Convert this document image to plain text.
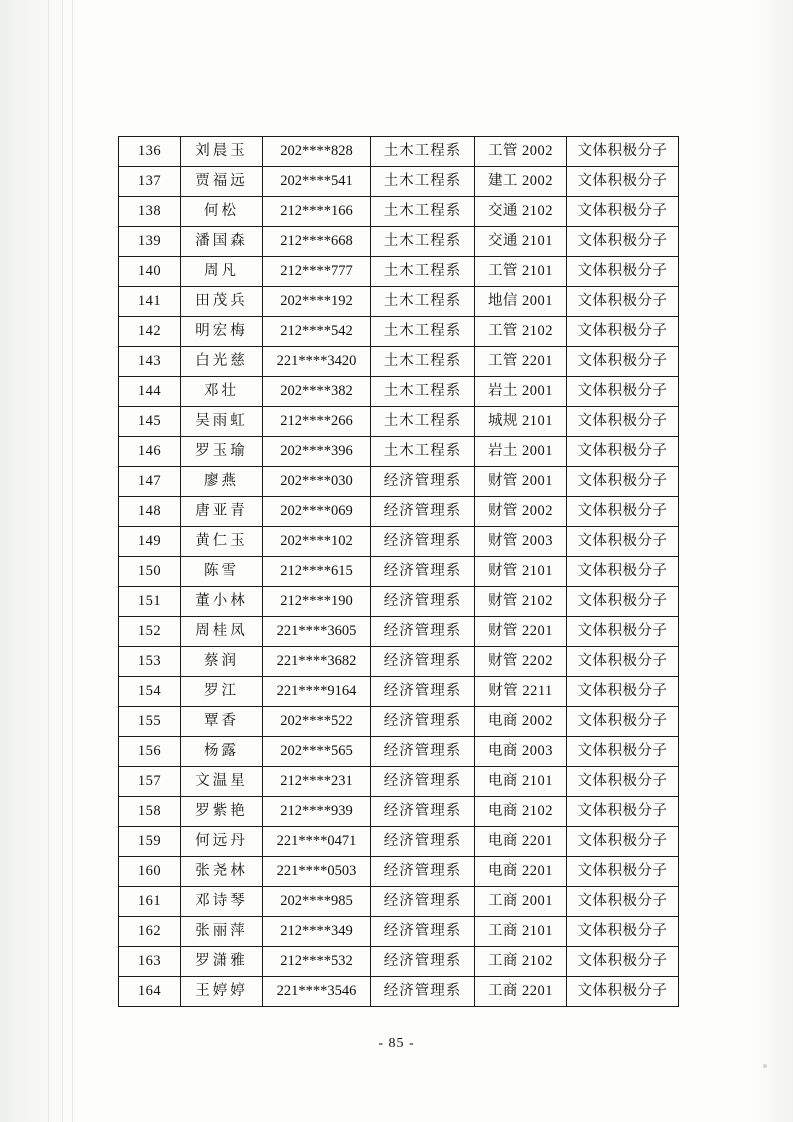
136	刘晨玉	202****828	土木工程系	工管 2002	文体积极分子
137	贾福远	202****541	土木工程系	建工 2002	文体积极分子
138	何松	212****166	土木工程系	交通 2102	文体积极分子
139	潘国森	212****668	土木工程系	交通 2101	文体积极分子
140	周凡	212****777	土木工程系	工管 2101	文体积极分子
141	田茂兵	202****192	土木工程系	地信 2001	文体积极分子
142	明宏梅	212****542	土木工程系	工管 2102	文体积极分子
143	白光慈	221****3420	土木工程系	工管 2201	文体积极分子
144	邓壮	202****382	土木工程系	岩土 2001	文体积极分子
145	吴雨虹	212****266	土木工程系	城规 2101	文体积极分子
146	罗玉瑜	202****396	土木工程系	岩土 2001	文体积极分子
147	廖燕	202****030	经济管理系	财管 2001	文体积极分子
148	唐亚青	202****069	经济管理系	财管 2002	文体积极分子
149	黄仁玉	202****102	经济管理系	财管 2003	文体积极分子
150	陈雪	212****615	经济管理系	财管 2101	文体积极分子
151	董小林	212****190	经济管理系	财管 2102	文体积极分子
152	周桂凤	221****3605	经济管理系	财管 2201	文体积极分子
153	蔡润	221****3682	经济管理系	财管 2202	文体积极分子
154	罗江	221****9164	经济管理系	财管 2211	文体积极分子
155	覃香	202****522	经济管理系	电商 2002	文体积极分子
156	杨露	202****565	经济管理系	电商 2003	文体积极分子
157	文温星	212****231	经济管理系	电商 2101	文体积极分子
158	罗紫艳	212****939	经济管理系	电商 2102	文体积极分子
159	何远丹	221****0471	经济管理系	电商 2201	文体积极分子
160	张尧林	221****0503	经济管理系	电商 2201	文体积极分子
161	邓诗琴	202****985	经济管理系	工商 2001	文体积极分子
162	张丽萍	212****349	经济管理系	工商 2101	文体积极分子
163	罗潇雅	212****532	经济管理系	工商 2102	文体积极分子
164	王婷婷	221****3546	经济管理系	工商 2201	文体积极分子
- 85 -
